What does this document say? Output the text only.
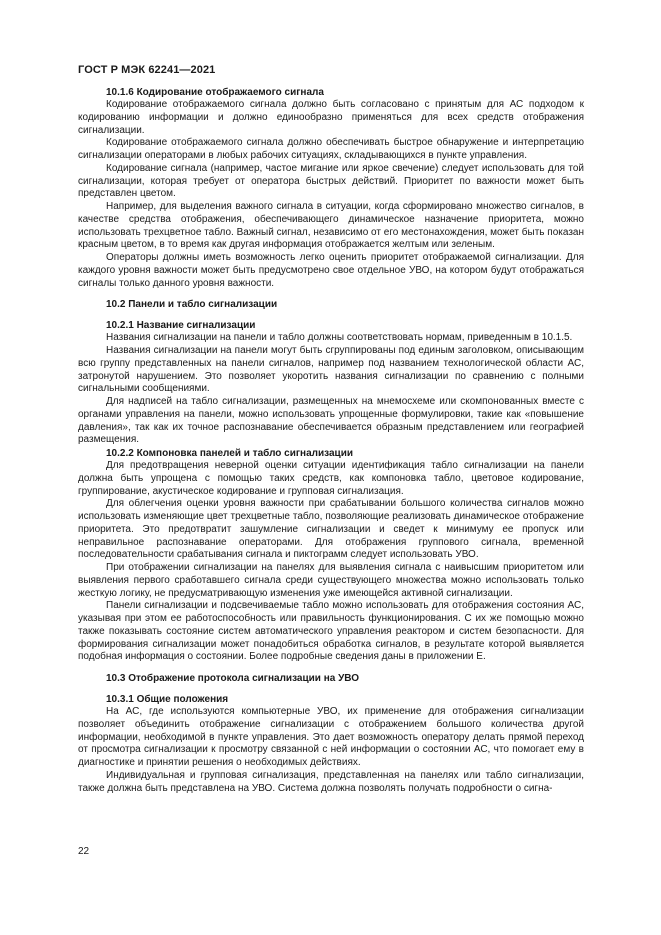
ГОСТ Р МЭК 62241—2021
10.1.6 Кодирование отображаемого сигнала

Кодирование отображаемого сигнала должно быть согласовано с принятым для АС подходом к кодированию информации и должно единообразно применяться для всех средств отображения сигнализации.

Кодирование отображаемого сигнала должно обеспечивать быстрое обнаружение и интерпретацию сигнализации операторами в любых рабочих ситуациях, складывающихся в пункте управления.

Кодирование сигнала (например, частое мигание или яркое свечение) следует использовать для той сигнализации, которая требует от оператора быстрых действий. Приоритет по важности может быть представлен цветом.

Например, для выделения важного сигнала в ситуации, когда сформировано множество сигналов, в качестве средства отображения, обеспечивающего динамическое назначение приоритета, можно использовать трехцветное табло. Важный сигнал, независимо от его местонахождения, может быть показан красным цветом, в то время как другая информация отображается желтым или зеленым.

Операторы должны иметь возможность легко оценить приоритет отображаемой сигнализации. Для каждого уровня важности может быть предусмотрено свое отдельное УВО, на котором будут отображаться сигналы только данного уровня важности.

10.2 Панели и табло сигнализации
10.2.1 Название сигнализации

Названия сигнализации на панели и табло должны соответствовать нормам, приведенным в 10.1.5.

Названия сигнализации на панели могут быть сгруппированы под единым заголовком, описывающим всю группу представленных на панели сигналов, например под названием технологической области АС, затронутой нарушением. Это позволяет укоротить названия сигнализации по сравнению с полными сигнальными сообщениями.

Для надписей на табло сигнализации, размещенных на мнемосхеме или скомпонованных вместе с органами управления на панели, можно использовать упрощенные формулировки, такие как «повышение давления», так как их точное распознавание обеспечивается образным представлением или географией размещения.

10.2.2 Компоновка панелей и табло сигнализации

Для предотвращения неверной оценки ситуации идентификация табло сигнализации на панели должна быть упрощена с помощью таких средств, как компоновка табло, цветовое кодирование, группирование, акустическое кодирование и групповая сигнализация.

Для облегчения оценки уровня важности при срабатывании большого количества сигналов можно использовать изменяющие цвет трехцветные табло, позволяющие реализовать динамическое отображение приоритета. Это предотвратит зашумление сигнализации и сведет к минимуму ее пропуск или неправильное распознавание операторами. Для отображения группового сигнала, временной последовательности срабатывания сигнала и пиктограмм следует использовать УВО.

При отображении сигнализации на панелях для выявления сигнала с наивысшим приоритетом или выявления первого сработавшего сигнала среди существующего множества можно использовать только жесткую логику, не предусматривающую изменения уже имеющейся активной сигнализации.

Панели сигнализации и подсвечиваемые табло можно использовать для отображения состояния АС, указывая при этом ее работоспособность или правильность функционирования. С их же помощью можно также показывать состояние систем автоматического управления реактором и систем безопасности. Для формирования сигнализации может понадобиться обработка сигналов, в результате которой выявляется подобная информация о состоянии. Более подробные сведения даны в приложении Е.

10.3 Отображение протокола сигнализации на УВО
10.3.1 Общие положения

На АС, где используются компьютерные УВО, их применение для отображения сигнализации позволяет объединить отображение сигнализации с отображением большого количества другой информации, необходимой в пункте управления. Это дает возможность оператору делать прямой переход от просмотра сигнализации к просмотру связанной с ней информации о состоянии АС, что помогает ему в диагностике и принятии решения о необходимых действиях.

Индивидуальная и групповая сигнализация, представленная на панелях или табло сигнализации, также должна быть представлена на УВО. Система должна позволять получать подробности о сигна-

22
